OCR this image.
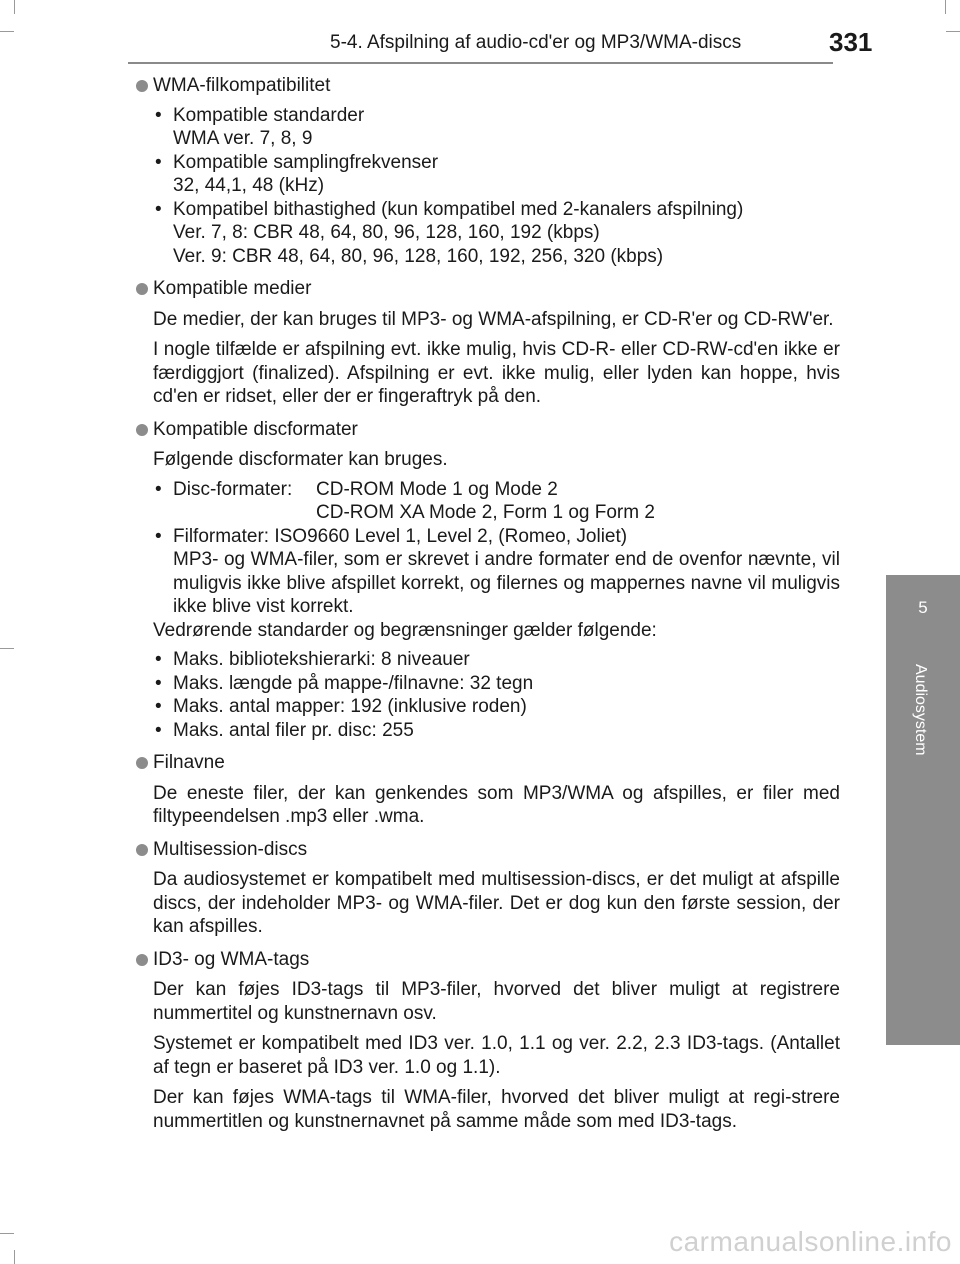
5-4. Afspilning af audio-cd'er og MP3/WMA-discs	331
5
Audiosystem
WMA-filkompatibilitet
• Kompatible standarder
WMA ver. 7, 8, 9
• Kompatible samplingfrekvenser
32, 44,1, 48 (kHz)
• Kompatibel bithastighed (kun kompatibel med 2-kanalers afspilning)
Ver. 7, 8: CBR 48, 64, 80, 96, 128, 160, 192 (kbps)
Ver. 9: CBR 48, 64, 80, 96, 128, 160, 192, 256, 320 (kbps)
Kompatible medier
De medier, der kan bruges til MP3- og WMA-afspilning, er CD-R'er og CD-RW'er.
I nogle tilfælde er afspilning evt. ikke mulig, hvis CD-R- eller CD-RW-cd'en ikke er færdiggjort (finalized). Afspilning er evt. ikke mulig, eller lyden kan hoppe, hvis cd'en er ridset, eller der er fingeraftryk på den.
Kompatible discformater
Følgende discformater kan bruges.
• Disc-formater:	CD-ROM Mode 1 og Mode 2
CD-ROM XA Mode 2, Form 1 og Form 2
• Filformater: ISO9660 Level 1, Level 2, (Romeo, Joliet)
MP3- og WMA-filer, som er skrevet i andre formater end de ovenfor nævnte, vil muligvis ikke blive afspillet korrekt, og filernes og mappernes navne vil muligvis ikke blive vist korrekt.
Vedrørende standarder og begrænsninger gælder følgende:
• Maks. bibliotekshierarki: 8 niveauer
• Maks. længde på mappe-/filnavne: 32 tegn
• Maks. antal mapper: 192 (inklusive roden)
• Maks. antal filer pr. disc: 255
Filnavne
De eneste filer, der kan genkendes som MP3/WMA og afspilles, er filer med filtypeendelsen .mp3 eller .wma.
Multisession-discs
Da audiosystemet er kompatibelt med multisession-discs, er det muligt at afspille discs, der indeholder MP3- og WMA-filer. Det er dog kun den første session, der kan afspilles.
ID3- og WMA-tags
Der kan føjes ID3-tags til MP3-filer, hvorved det bliver muligt at registrere nummertitel og kunstnernavn osv.
Systemet er kompatibelt med ID3 ver. 1.0, 1.1 og ver. 2.2, 2.3 ID3-tags. (Antallet af tegn er baseret på ID3 ver. 1.0 og 1.1).
Der kan føjes WMA-tags til WMA-filer, hvorved det bliver muligt at regi-strere nummertitlen og kunstnernavnet på samme måde som med ID3-tags.
carmanualsonline.info
